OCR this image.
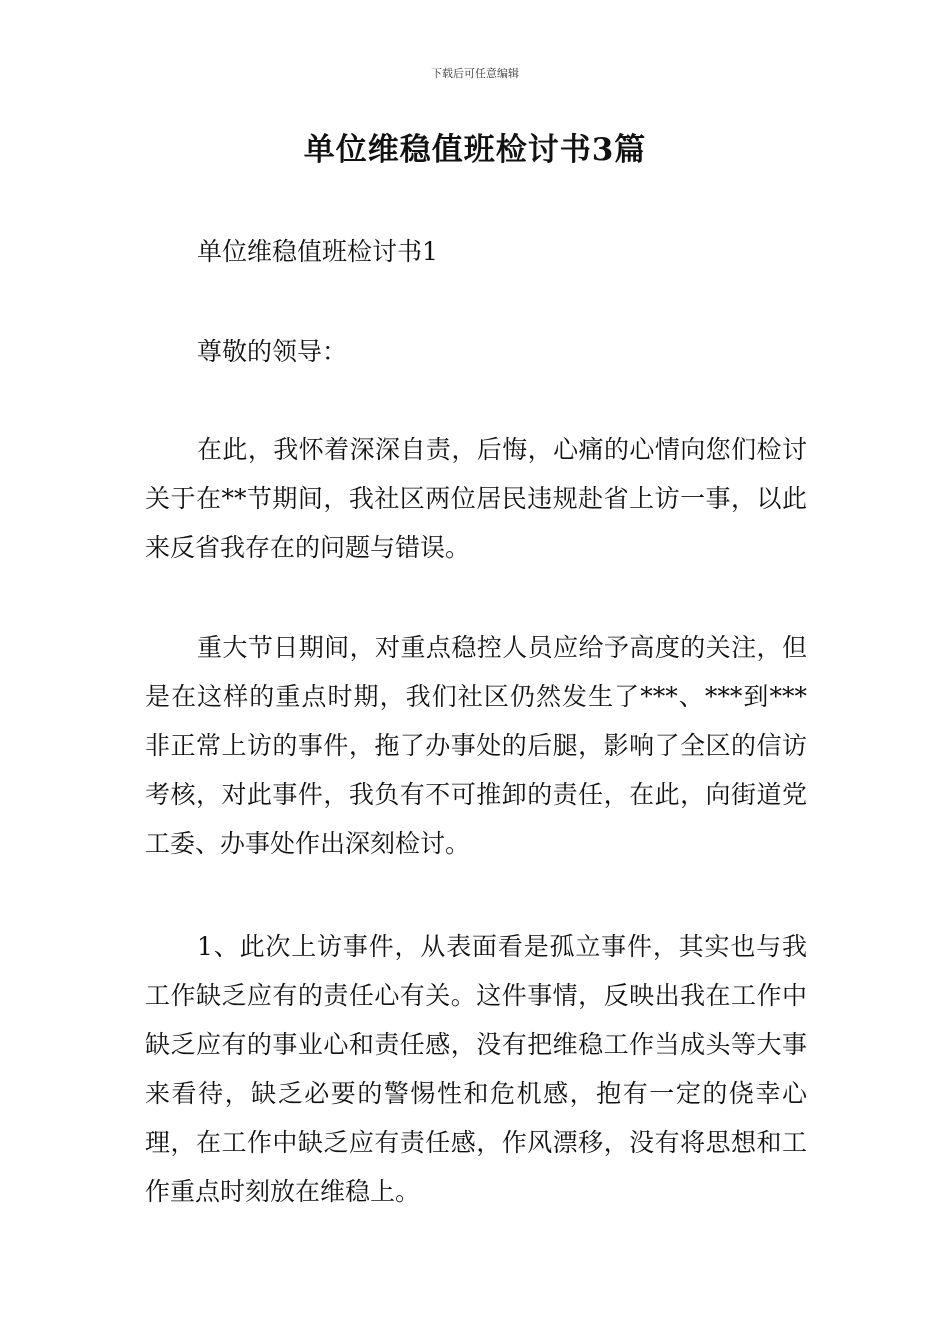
下载后可任意编辑
单位维稳值班检讨书3篇

单位维稳值班检讨书1

尊敬的领导：

在此，我怀着深深自责，后悔，心痛的心情向您们检讨关于在**节期间，我社区两位居民违规赴省上访一事，以此来反省我存在的问题与错误。

重大节日期间，对重点稳控人员应给予高度的关注，但是在这样的重点时期，我们社区仍然发生了***、***到***非正常上访的事件，拖了办事处的后腿，影响了全区的信访考核，对此事件，我负有不可推卸的责任，在此，向街道党工委、办事处作出深刻检讨。

1、此次上访事件，从表面看是孤立事件，其实也与我工作缺乏应有的责任心有关。这件事情，反映出我在工作中缺乏应有的事业心和责任感，没有把维稳工作当成头等大事来看待，缺乏必要的警惕性和危机感，抱有一定的侥幸心理，在工作中缺乏应有责任感，作风漂移，没有将思想和工作重点时刻放在维稳上。
